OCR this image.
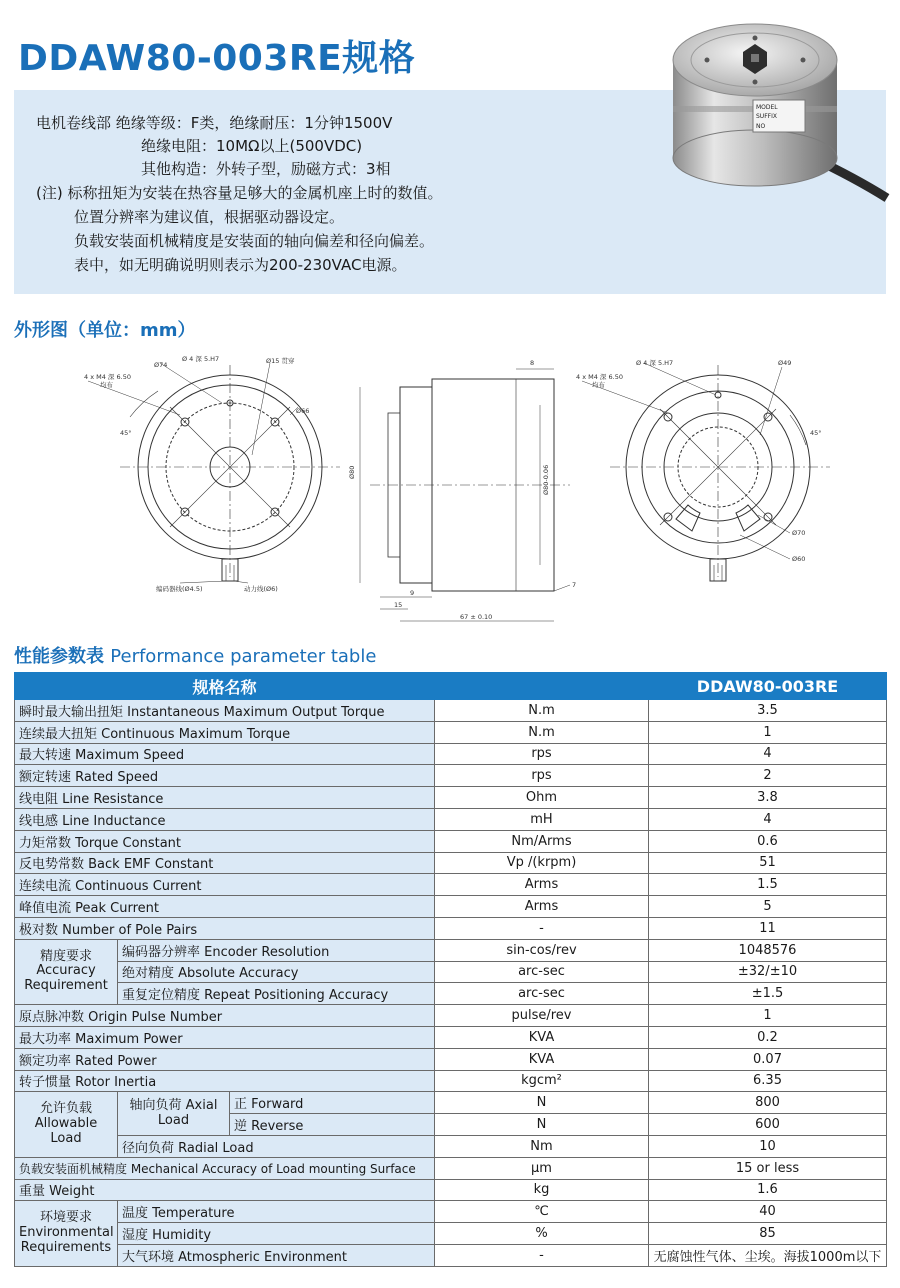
DDAW80-003RE规格
电机卷线部 绝缘等级：F类，绝缘耐压：1分钟1500V
绝缘电阻：10MΩ以上(500VDC)
其他构造：外转子型，励磁方式：3相
(注) 标称扭矩为安装在热容量足够大的金属机座上时的数值。
位置分辨率为建议值，根据驱动器设定。
负载安装面机械精度是安装面的轴向偏差和径向偏差。
表中，如无明确说明则表示为200-230VAC电源。
MODEL
SUFFIX
NO
外形图（单位：mm）
4 x M4 深 6.50
均布
Ø74
Ø 4 深 5.H7	Ø15 贯穿
Ø66
45°
编码器线(Ø4.5)	动力线(Ø6)
8
Ø80	Ø80-0.06
9
15
67 ± 0.10
7
4 x M4 深 6.50
均布
Ø 4 深 5.H7	Ø49
45°
Ø70
Ø60
性能参数表 Performance parameter table
规格名称				DDAW80-003RE
瞬时最大输出扭矩 Instantaneous Maximum Output Torque			N.m	3.5
连续最大扭矩 Continuous Maximum Torque			N.m	1
最大转速 Maximum Speed			rps	4
额定转速 Rated Speed			rps	2
线电阻 Line Resistance			Ohm	3.8
线电感 Line Inductance			mH	4
力矩常数 Torque Constant			Nm/Arms	0.6
反电势常数 Back EMF Constant			Vp /(krpm)	51
连续电流 Continuous Current			Arms	1.5
峰值电流 Peak Current			Arms	5
极对数 Number of Pole Pairs			-	11
精度要求 Accuracy Requirement	编码器分辨率 Encoder Resolution		sin-cos/rev	1048576
	绝对精度 Absolute Accuracy		arc-sec	±32/±10
	重复定位精度 Repeat Positioning Accuracy		arc-sec	±1.5
原点脉冲数 Origin Pulse Number			pulse/rev	1
最大功率 Maximum Power			KVA	0.2
额定功率 Rated Power			KVA	0.07
转子惯量 Rotor Inertia			kgcm²	6.35
允许负载 Allowable Load	轴向负荷 Axial Load	正 Forward	N	800
		逆 Reverse	N	600
	径向负荷 Radial Load		Nm	10
负载安装面机械精度 Mechanical Accuracy of Load mounting Surface			μm	15 or less
重量 Weight			kg	1.6
环境要求 Environmental Requirements	温度 Temperature		℃	40
	湿度 Humidity		%	85
	大气环境 Atmospheric Environment		-	无腐蚀性气体、尘埃。海拔1000m以下
